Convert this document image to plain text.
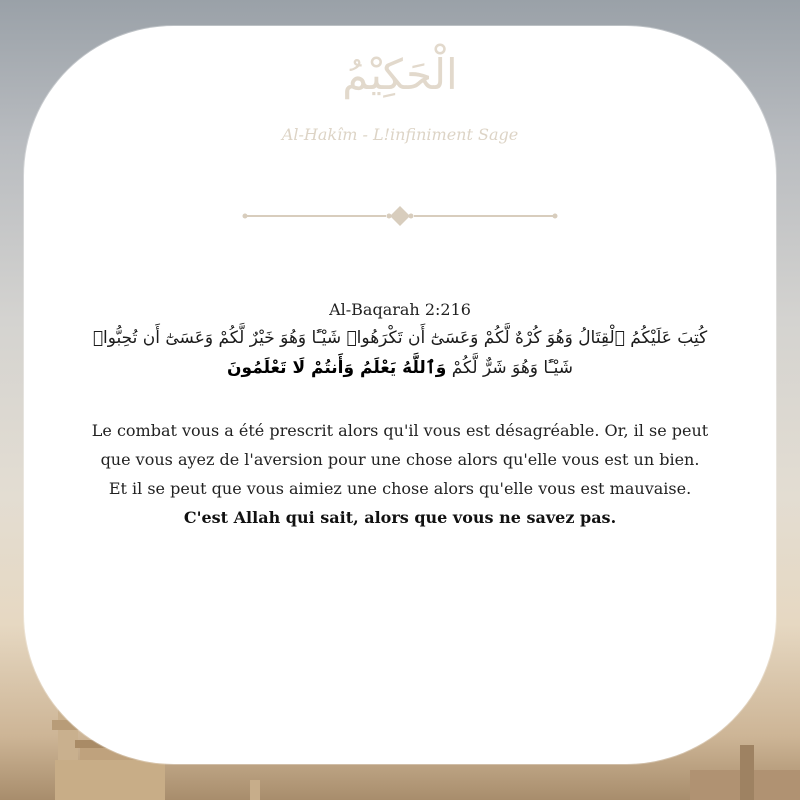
الْحَكِيْمُ
Al-Hakîm - L!infiniment Sage
Al-Baqarah 2:216
كُتِبَ عَلَيْكُمُ ٱلْقِتَالُ وَهُوَ كُرْهٌ لَّكُمْ وَعَسَىٰٓ أَن تَكْرَهُوا۟ شَيْـًٔا وَهُوَ خَيْرٌ لَّكُمْ وَعَسَىٰٓ أَن تُحِبُّوا۟ شَيْـًٔا وَهُوَ شَرٌّ لَّكُمْ وَٱللَّهُ يَعْلَمُ وَأَنتُمْ لَا تَعْلَمُونَ

Le combat vous a été prescrit alors qu'il vous est désagréable. Or, il se peut

que vous ayez de l'aversion pour une chose alors qu'elle vous est un bien.

Et il se peut que vous aimiez une chose alors qu'elle vous est mauvaise.

C'est Allah qui sait, alors que vous ne savez pas.
